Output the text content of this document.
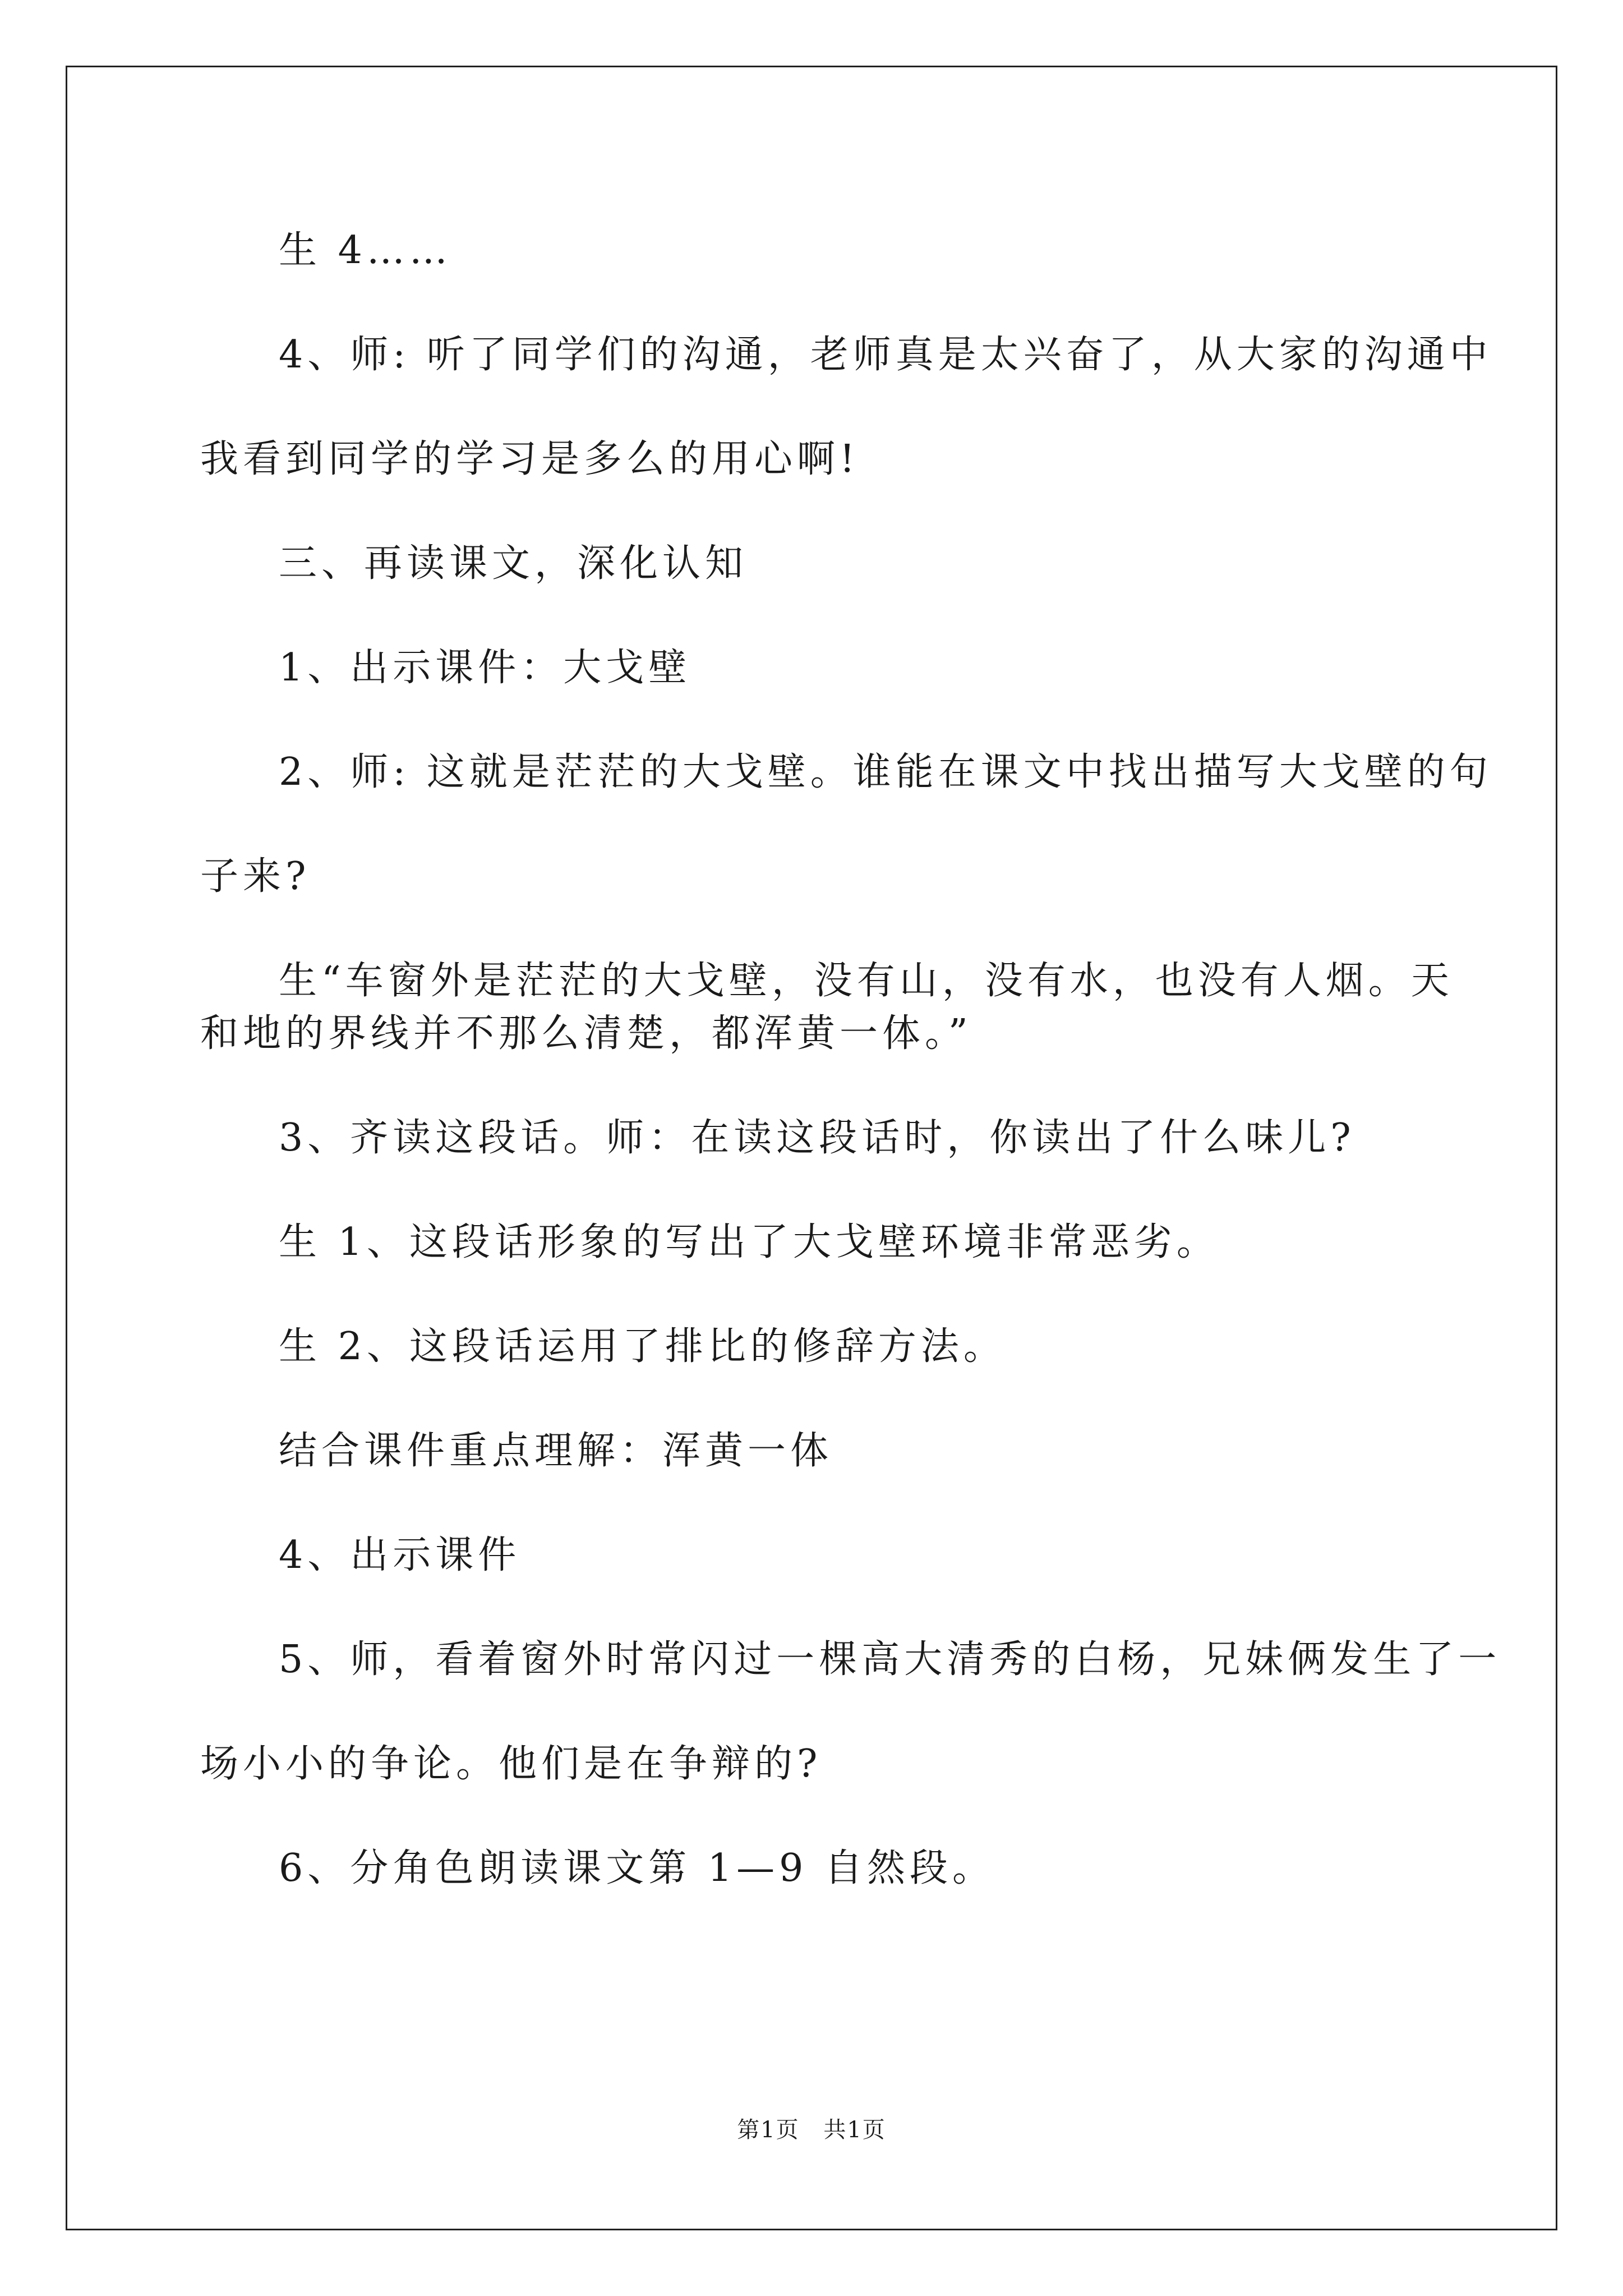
生 4……

4、师: 听了同学们的沟通，老师真是太兴奋了，从大家的沟通中

我看到同学的学习是多么的用心啊!

三、再读课文，深化认知

1、出示课件：大戈壁

2、师: 这就是茫茫的大戈壁。谁能在课文中找出描写大戈壁的句

子来?

生“车窗外是茫茫的大戈壁，没有山，没有水，也没有人烟。天

和地的界线并不那么清楚，都浑黄一体。”

3、齐读这段话。师：在读这段话时，你读出了什么味儿?

生 1、这段话形象的写出了大戈壁环境非常恶劣。

生 2、这段话运用了排比的修辞方法。

结合课件重点理解：浑黄一体

4、出示课件

5、师，看着窗外时常闪过一棵高大清秀的白杨，兄妹俩发生了一

场小小的争论。他们是在争辩的?

6、分角色朗读课文第 1—9 自然段。

第1页 共1页
